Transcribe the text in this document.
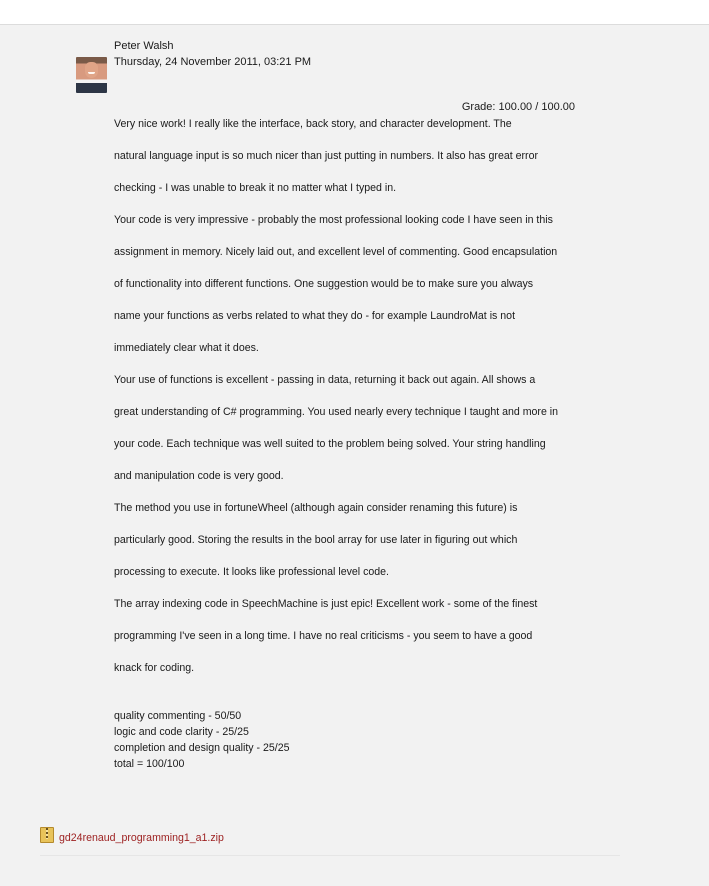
Peter Walsh
Thursday, 24 November 2011, 03:21 PM
Grade: 100.00 / 100.00
Very nice work! I really like the interface, back story, and character development. The
natural language input is so much nicer than just putting in numbers. It also has great error
checking - I was unable to break it no matter what I typed in.
Your code is very impressive - probably the most professional looking code I have seen in this
assignment in memory. Nicely laid out, and excellent level of commenting. Good encapsulation
of functionality into different functions. One suggestion would be to make sure you always
name your functions as verbs related to what they do - for example LaundroMat is not
immediately clear what it does.
Your use of functions is excellent - passing in data, returning it back out again. All shows a
great understanding of C# programming. You used nearly every technique I taught and more in
your code. Each technique was well suited to the problem being solved. Your string handling
and manipulation code is very good.
The method you use in fortuneWheel (although again consider renaming this future) is
particularly good. Storing the results in the bool array for use later in figuring out which
processing to execute. It looks like professional level code.
The array indexing code in SpeechMachine is just epic! Excellent work - some of the finest
programming I've seen in a long time. I have no real criticisms - you seem to have a good
knack for coding.
quality commenting - 50/50
logic and code clarity - 25/25
completion and design quality - 25/25
total = 100/100
gd24renaud_programming1_a1.zip
